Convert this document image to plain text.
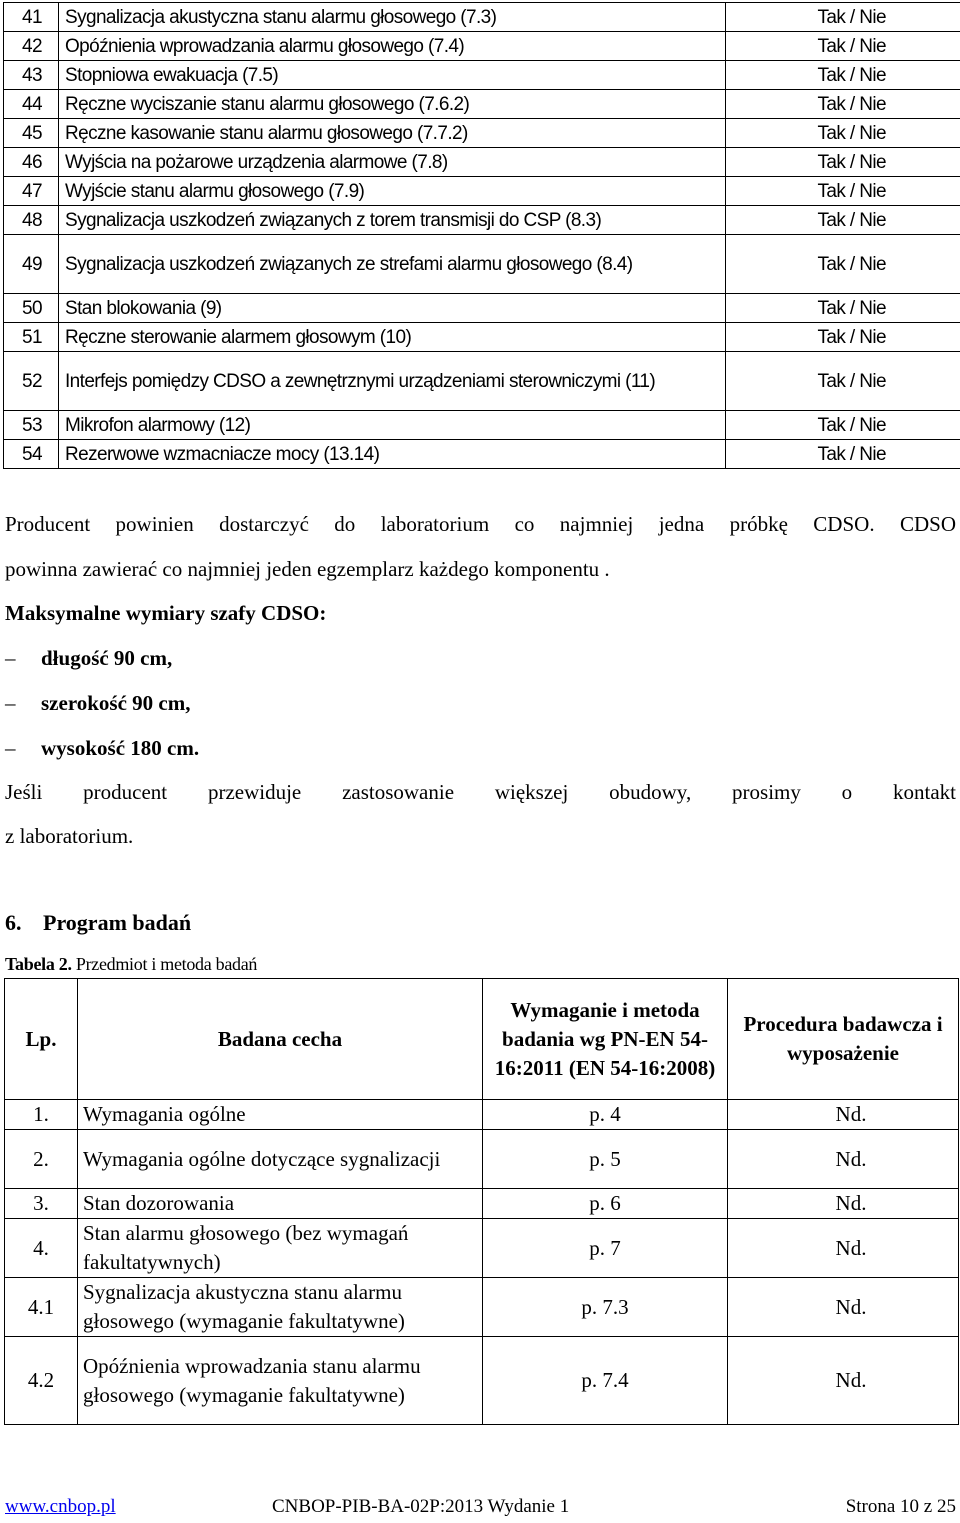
41	Sygnalizacja akustyczna stanu alarmu głosowego (7.3)	Tak / Nie
42	Opóźnienia wprowadzania alarmu głosowego (7.4)	Tak / Nie
43	Stopniowa ewakuacja (7.5)	Tak / Nie
44	Ręczne wyciszanie stanu alarmu głosowego (7.6.2)	Tak / Nie
45	Ręczne kasowanie stanu alarmu głosowego (7.7.2)	Tak / Nie
46	Wyjścia na pożarowe urządzenia alarmowe (7.8)	Tak / Nie
47	Wyjście stanu alarmu głosowego (7.9)	Tak / Nie
48	Sygnalizacja uszkodzeń związanych z torem transmisji do CSP (8.3)	Tak / Nie
49	Sygnalizacja uszkodzeń związanych ze strefami alarmu głosowego (8.4)	Tak / Nie
50	Stan blokowania (9)	Tak / Nie
51	Ręczne sterowanie alarmem głosowym (10)	Tak / Nie
52	Interfejs pomiędzy CDSO a zewnętrznymi urządzeniami sterowniczymi (11)	Tak / Nie
53	Mikrofon alarmowy (12)	Tak / Nie
54	Rezerwowe wzmacniacze mocy (13.14)	Tak / Nie
Producent powinien dostarczyć do laboratorium co najmniej jedna próbkę CDSO. CDSO
powinna zawierać co najmniej jeden egzemplarz każdego komponentu .
Maksymalne wymiary szafy CDSO:
– długość 90 cm,
– szerokość 90 cm,
– wysokość 180 cm.
Jeśli producent przewiduje zastosowanie większej obudowy, prosimy o kontakt
z laboratorium.
6. Program badań
Tabela 2. Przedmiot i metoda badań
Lp.	Badana cecha	Wymaganie i metoda badania wg PN-EN 54-16:2011 (EN 54-16:2008)	Procedura badawcza i wyposażenie
1.	Wymagania ogólne	p. 4	Nd.
2.	Wymagania ogólne dotyczące sygnalizacji	p. 5	Nd.
3.	Stan dozorowania	p. 6	Nd.
4.	Stan alarmu głosowego (bez wymagań fakultatywnych)	p. 7	Nd.
4.1	Sygnalizacja akustyczna stanu alarmu głosowego (wymaganie fakultatywne)	p. 7.3	Nd.
4.2	Opóźnienia wprowadzania stanu alarmu głosowego (wymaganie fakultatywne)	p. 7.4	Nd.
www.cnbop.pl	CNBOP-PIB-BA-02P:2013 Wydanie 1	Strona 10 z 25
